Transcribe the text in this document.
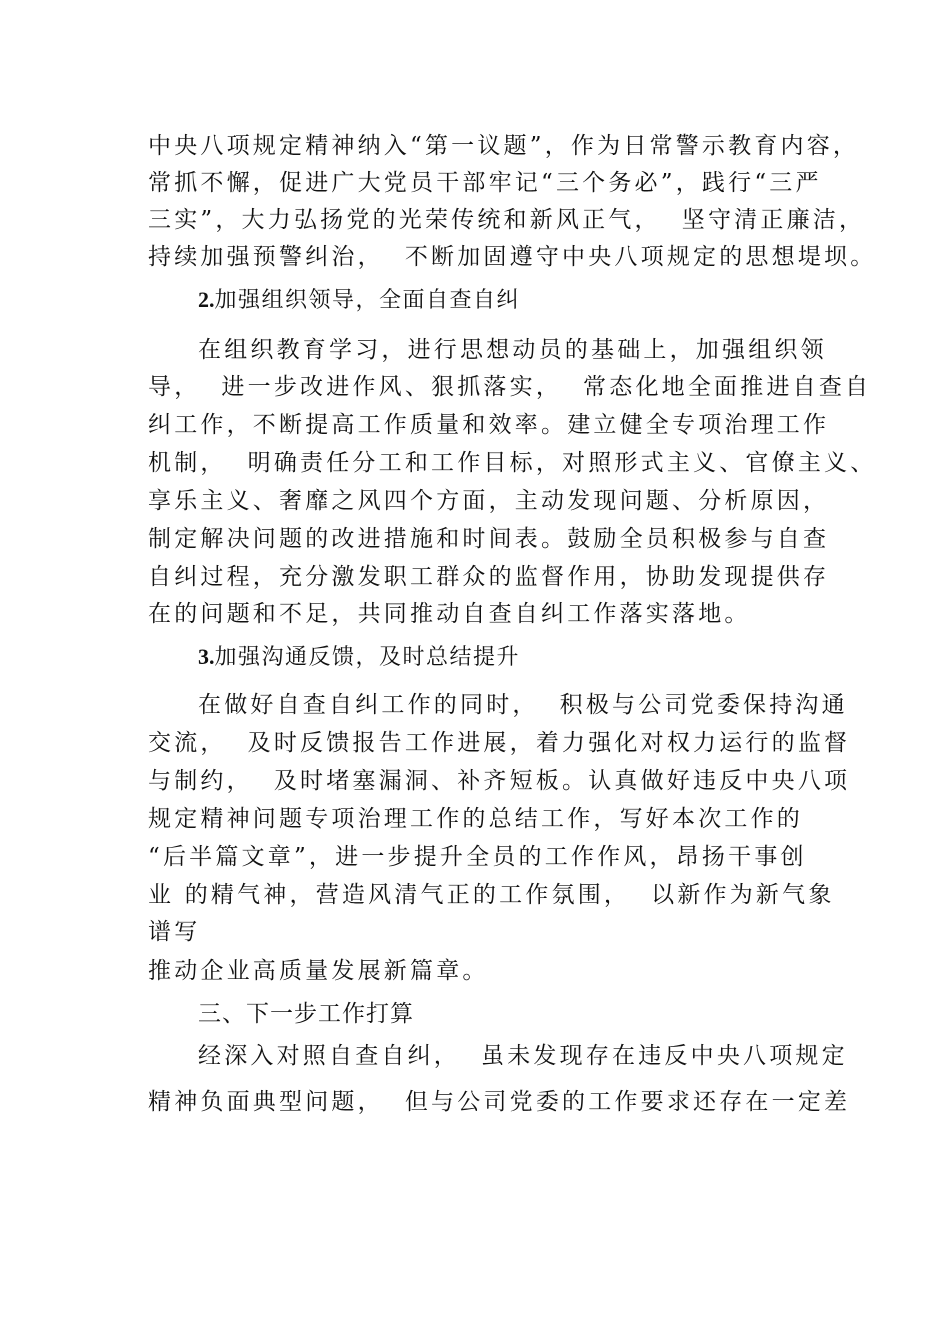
中央八项规定精神纳入“第一议题”，作为日常警示教育内容，
常抓不懈，促进广大党员干部牢记“三个务必”，践行“三严
三实”，大力弘扬党的光荣传统和新风正气，  坚守清正廉洁，
持续加强预警纠治，  不断加固遵守中央八项规定的思想堤坝。
2.加强组织领导，全面自查自纠
在组织教育学习，进行思想动员的基础上，加强组织领
导，  进一步改进作风、狠抓落实，  常态化地全面推进自查自
纠工作，不断提高工作质量和效率。建立健全专项治理工作
机制，  明确责任分工和工作目标，对照形式主义、官僚主义、
享乐主义、奢靡之风四个方面，主动发现问题、分析原因，
制定解决问题的改进措施和时间表。鼓励全员积极参与自查
自纠过程，充分激发职工群众的监督作用，协助发现提供存
在的问题和不足，共同推动自查自纠工作落实落地。
3.加强沟通反馈，及时总结提升
在做好自查自纠工作的同时，  积极与公司党委保持沟通
交流，  及时反馈报告工作进展，着力强化对权力运行的监督
与制约，  及时堵塞漏洞、补齐短板。认真做好违反中央八项
规定精神问题专项治理工作的总结工作，写好本次工作的
“后半篇文章”，进一步提升全员的工作作风，昂扬干事创
业 的精气神，营造风清气正的工作氛围，  以新作为新气象
谱写
推动企业高质量发展新篇章。
三、下一步工作打算
经深入对照自查自纠，  虽未发现存在违反中央八项规定
精神负面典型问题，  但与公司党委的工作要求还存在一定差
